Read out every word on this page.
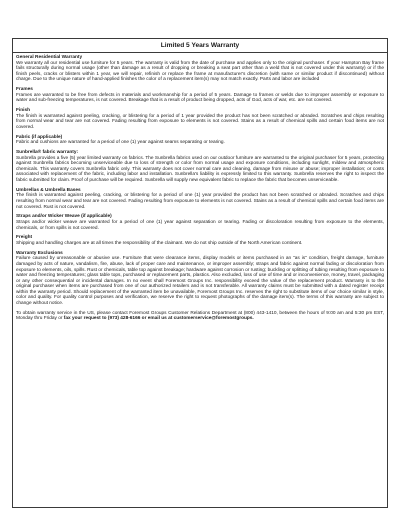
Limited 5 Years Warranty
General Residential Warranty
We warranty all our residential use furniture for 5 years. The warranty is valid from the date of purchase and applies only to the original purchaser. If your Hampton Bay frame fails structurally during normal usage (other than damage as a result of dropping or breaking a seat part other than a weld that is not covered under this warranty) or if the finish peels, cracks or blisters within 1 year, we will repair, refinish or replace the frame at manufacturer's discretion (with same or similar product if discontinued) without charge. Due to the unique nature of hand-applied finishes the color of a replacement item(s) may not match exactly. Parts and labor are included
Frames
Frames are warranted to be free from defects in materials and workmanship for a period of 5 years. Damage to frames or welds due to improper assembly or exposure to water and sub-freezing temperatures, is not covered. Breakage that is a result of product being dropped, acts of God, acts of war, etc. are not covered.
Finish
The finish is warranted against peeling, cracking, or blistering for a period of 1 year provided the product has not been scratched or abraded. Scratches and chips resulting from normal wear and tear are not covered. Fading resulting from exposure to elements is not covered. Stains as a result of chemical spills and certain food items are not covered.
Fabric (if applicable)
Fabric and cushions are warranted for a period of one (1) year against seams separating or tearing.
Sunbrella® fabric warranty:
Sunbrella provides a five (5) year limited warranty on fabrics. The Sunbrella fabrics used on our outdoor furniture are warranted to the original purchaser for 5 years, protecting against Sunbrella fabrics becoming unserviceable due to loss of strength or color from normal usage and exposure conditions, including sunlight, mildew and atmospheric chemicals. This warranty covers Sunbrella fabric only. This warranty does not cover normal care and cleaning, damage from misuse or abuse; improper installation; or costs associated with replacement of the fabric, including labor and installation. Sunbrella's liability is expressly limited to this warranty. Sunbrella reserves the right to inspect the fabric submitted for claim. Proof of purchase will be required. Sunbrella will supply new equivalent fabric to replace the fabric that becomes unserviceable.
Umbrellas & Umbrella Bases
The finish is warranted against peeling, cracking, or blistering for a period of one (1) year provided the product has not been scratched or abraded. Scratches and chips resulting from normal wear and tear are not covered. Fading resulting from exposure to elements is not covered. Stains as a result of chemical spills and certain food items are not covered. Rust is not covered.
Straps and/or Wicker Weave (if applicable)
Straps and/or wicker weave are warranted for a period of one (1) year against separation or tearing. Fading or discoloration resulting from exposure to the elements, chemicals, or from spills is not covered.
Freight
Shipping and handling charges are at all times the responsibility of the claimant. We do not ship outside of the North American continent.
Warranty Exclusions
Failure caused by unreasonable or abusive use. Furniture that were clearance items, display models or items purchased in an "as is" condition, freight damage, furniture damaged by acts of nature, vandalism, fire, abuse, lack of proper care and maintenance, or improper assembly; straps and fabric against normal fading or discoloration from exposure to elements, oils, spills. Rust or chemicals, table top against breakage; hardware against corrosion or rusting; buckling or splitting of tubing resulting from exposure to water and freezing temperatures; glass table tops, purchased or replacement parts, plastics. Also excluded, loss of use of time and or inconvenience, money, travel, packaging or any other consequential or incidental damages. In no event shall Foremost Groups Inc. responsibility exceed the value of the replacement product. Warranty is to the original purchaser when items are purchased from one of our authorized retailers and is not transferable. All warranty claims must be submitted with a dated register receipt within the warranty period. Should replacement of the warranted item be unavailable, Foremost Groups Inc. reserves the right to substitute items of our choice similar in style, color and quality. For quality control purposes and verification, we reserve the right to request photographs of the damage item(s). The terms of this warranty are subject to change without notice.
To obtain warranty service in the US, please contact Foremost Groups Customer Relations Department at (800) 443-1410, between the hours of 9:00 am and 5:30 pm EST, Monday thru Friday or fax your request to (973) 428-6166 or email us at customerservice@foremostgroups.
